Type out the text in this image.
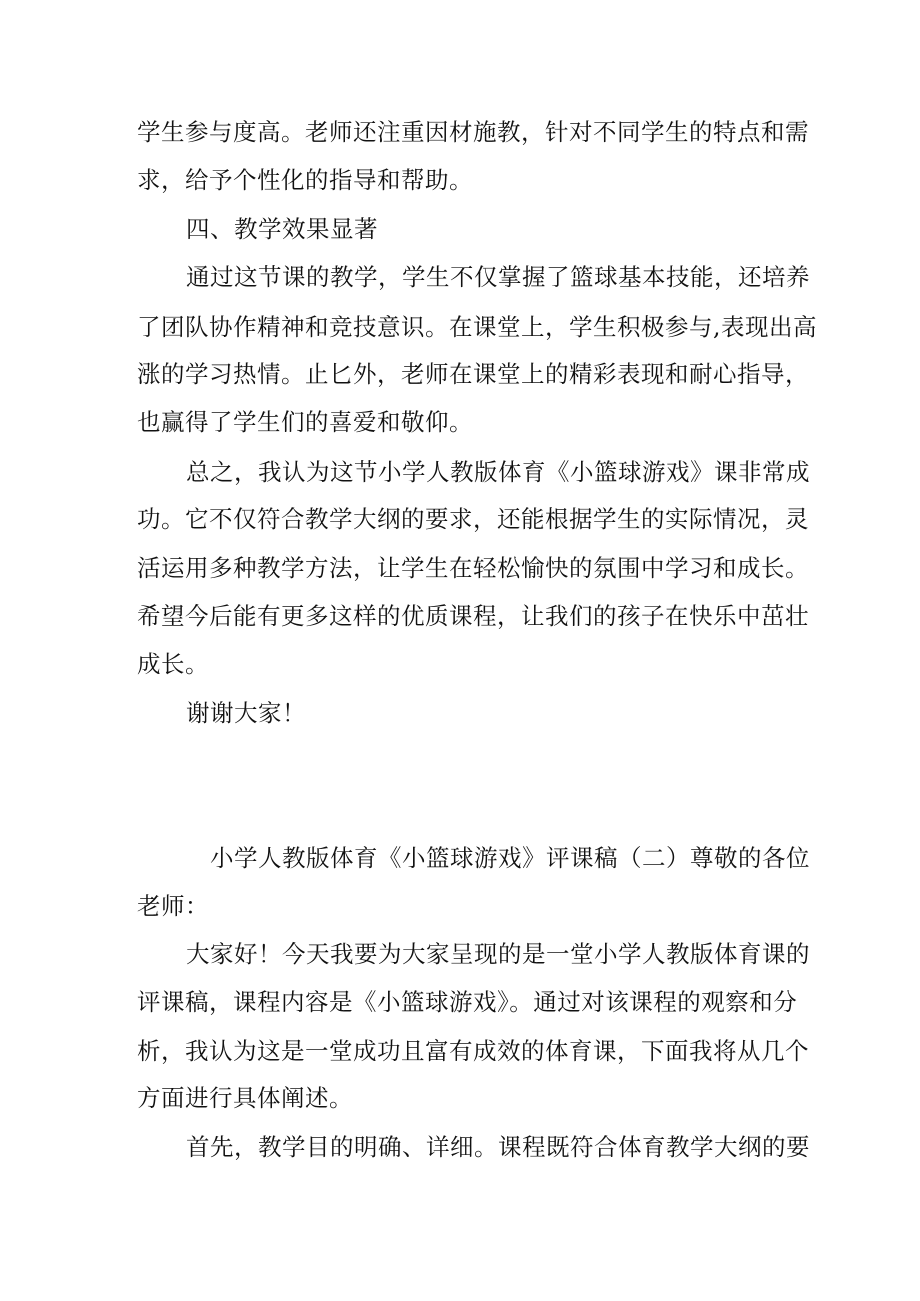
学生参与度高。老师还注重因材施教，针对不同学生的特点和需
求，给予个性化的指导和帮助。
四、教学效果显著
通过这节课的教学，学生不仅掌握了篮球基本技能，还培养
了团队协作精神和竞技意识。在课堂上，学生积极参与,表现出高
涨的学习热情。止匕外，老师在课堂上的精彩表现和耐心指导，
也赢得了学生们的喜爱和敬仰。
总之，我认为这节小学人教版体育《小篮球游戏》课非常成
功。它不仅符合教学大纲的要求，还能根据学生的实际情况，灵
活运用多种教学方法，让学生在轻松愉快的氛围中学习和成长。
希望今后能有更多这样的优质课程，让我们的孩子在快乐中茁壮
成长。
谢谢大家！
小学人教版体育《小篮球游戏》评课稿（二）尊敬的各位
老师：
大家好！今天我要为大家呈现的是一堂小学人教版体育课的
评课稿，课程内容是《小篮球游戏》。通过对该课程的观察和分
析，我认为这是一堂成功且富有成效的体育课，下面我将从几个
方面进行具体阐述。
首先，教学目的明确、详细。课程既符合体育教学大纲的要
